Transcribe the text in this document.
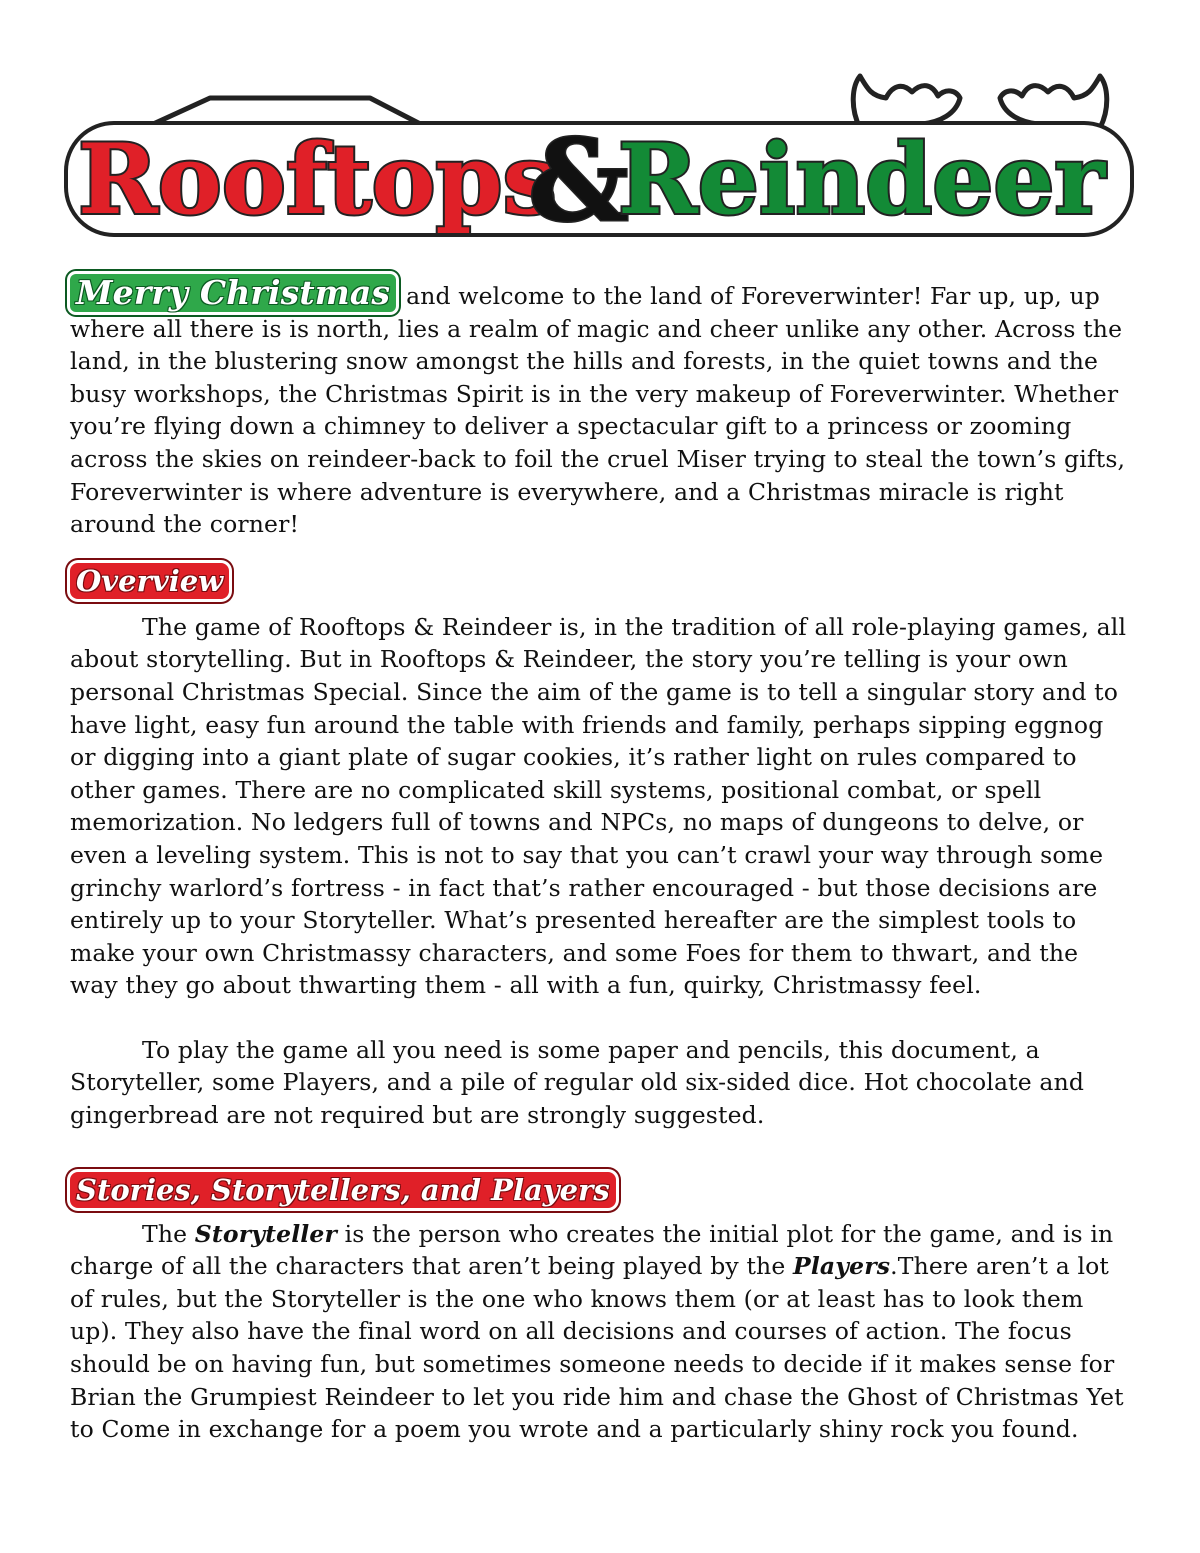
Rooftops
&
Reindeer

Merry Christmas and welcome to the land of Foreverwinter! Far up, up, up where all there is is north, lies a realm of magic and cheer unlike any other. Across the land, in the blustering snow amongst the hills and forests, in the quiet towns and the busy workshops, the Christmas Spirit is in the very makeup of Foreverwinter. Whether you’re flying down a chimney to deliver a spectacular gift to a princess or zooming across the skies on reindeer-back to foil the cruel Miser trying to steal the town’s gifts, Foreverwinter is where adventure is everywhere, and a Christmas miracle is right around the corner!

Overview

The game of Rooftops & Reindeer is, in the tradition of all role-playing games, all about storytelling. But in Rooftops & Reindeer, the story you’re telling is your own personal Christmas Special. Since the aim of the game is to tell a singular story and to have light, easy fun around the table with friends and family, perhaps sipping eggnog or digging into a giant plate of sugar cookies, it’s rather light on rules compared to other games. There are no complicated skill systems, positional combat, or spell memorization. No ledgers full of towns and NPCs, no maps of dungeons to delve, or even a leveling system. This is not to say that you can’t crawl your way through some grinchy warlord’s fortress - in fact that’s rather encouraged - but those decisions are entirely up to your Storyteller. What’s presented hereafter are the simplest tools to make your own Christmassy characters, and some Foes for them to thwart, and the way they go about thwarting them - all with a fun, quirky, Christmassy feel.

To play the game all you need is some paper and pencils, this document, a Storyteller, some Players, and a pile of regular old six-sided dice. Hot chocolate and gingerbread are not required but are strongly suggested.

Stories, Storytellers, and Players

The Storyteller is the person who creates the initial plot for the game, and is in charge of all the characters that aren’t being played by the Players.There aren’t a lot of rules, but the Storyteller is the one who knows them (or at least has to look them up). They also have the final word on all decisions and courses of action. The focus should be on having fun, but sometimes someone needs to decide if it makes sense for Brian the Grumpiest Reindeer to let you ride him and chase the Ghost of Christmas Yet to Come in exchange for a poem you wrote and a particularly shiny rock you found.
